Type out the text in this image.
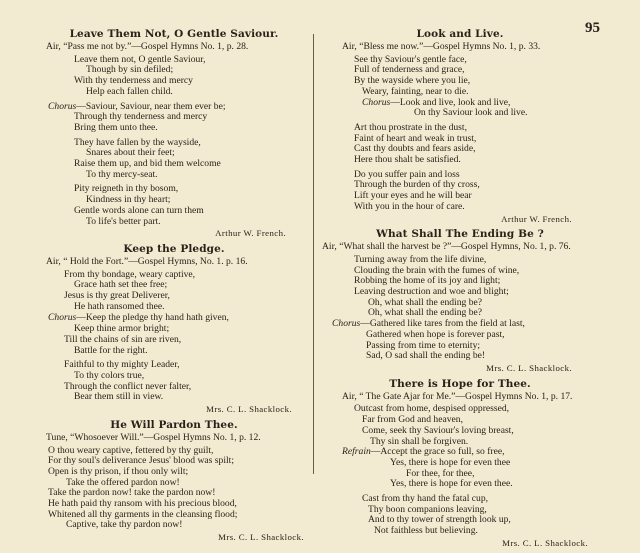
95
Leave Them Not, O Gentle Saviour.
Air, “Pass me not by.”—Gospel Hymns No. 1, p. 28.
Leave them not, O gentle Saviour,
Though by sin defiled;
With thy tenderness and mercy
Help each fallen child.
Chorus—Saviour, Saviour, near them ever be;
Through thy tenderness and mercy
Bring them unto thee.
They have fallen by the wayside,
Snares about their feet;
Raise them up, and bid them welcome
To thy mercy-seat.
Pity reigneth in thy bosom,
Kindness in thy heart;
Gentle words alone can turn them
To life's better part.
Arthur W. French.
Keep the Pledge.
Air, “ Hold the Fort.”—Gospel Hymns, No. 1. p. 16.
From thy bondage, weary captive,
Grace hath set thee free;
Jesus is thy great Deliverer,
He hath ransomed thee.
Chorus—Keep the pledge thy hand hath given,
Keep thine armor bright;
Till the chains of sin are riven,
Battle for the right.
Faithful to thy mighty Leader,
To thy colors true,
Through the conflict never falter,
Bear them still in view.
Mrs. C. L. Shacklock.
He Will Pardon Thee.
Tune, “Whosoever Will.”—Gospel Hymns No. 1, p. 12.
O thou weary captive, fettered by thy guilt,
For thy soul's deliverance Jesus' blood was spilt;
Open is thy prison, if thou only wilt;
Take the offered pardon now!
Take the pardon now! take the pardon now!
He hath paid thy ransom with his precious blood,
Whitened all thy garments in the cleansing flood;
Captive, take thy pardon now!
Mrs. C. L. Shacklock.
Look and Live.
Air, “Bless me now.”—Gospel Hymns No. 1, p. 33.
See thy Saviour's gentle face,
Full of tenderness and grace,
By the wayside where you lie,
Weary, fainting, near to die.
Chorus—Look and live, look and live,
On thy Saviour look and live.
Art thou prostrate in the dust,
Faint of heart and weak in trust,
Cast thy doubts and fears aside,
Here thou shalt be satisfied.
Do you suffer pain and loss
Through the burden of thy cross,
Lift your eyes and he will bear
With you in the hour of care.
Arthur W. French.
What Shall The Ending Be ?
Air, “What shall the harvest be ?”—Gospel Hymns, No. 1, p. 76.
Turning away from the life divine,
Clouding the brain with the fumes of wine,
Robbing the home of its joy and light;
Leaving destruction and woe and blight;
Oh, what shall the ending be?
Oh, what shall the ending be?
Chorus—Gathered like tares from the field at last,
Gathered when hope is forever past,
Passing from time to eternity;
Sad, O sad shall the ending be!
Mrs. C. L. Shacklock.
There is Hope for Thee.
Air, “ The Gate Ajar for Me.”—Gospel Hymns No. 1, p. 17.
Outcast from home, despised oppressed,
Far from God and heaven,
Come, seek thy Saviour's loving breast,
Thy sin shall be forgiven.
Refrain—Accept the grace so full, so free,
Yes, there is hope for even thee
For thee, for thee,
Yes, there is hope for even thee.
Cast from thy hand the fatal cup,
Thy boon companions leaving,
And to thy tower of strength look up,
Not faithless but believing.
Mrs. C. L. Shacklock.
